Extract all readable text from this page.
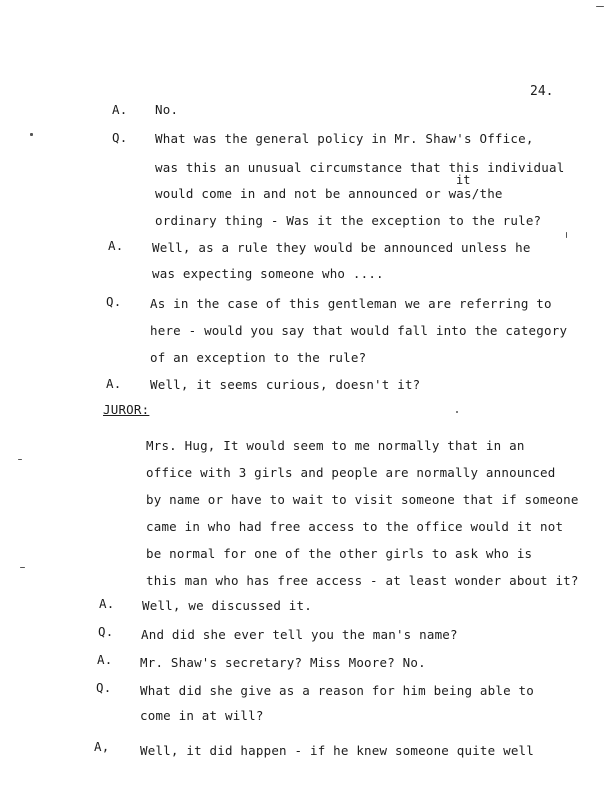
24.
A. No.
Q. What was the general policy in Mr. Shaw's Office,
was this an unusual circumstance that this individual
it
would come in and not be announced or was/the
ordinary thing - Was it the exception to the rule?
A. Well, as a rule they would be announced unless he
was expecting someone who ....
Q. As in the case of this gentleman we are referring to
here - would you say that would fall into the category
of an exception to the rule?
A. Well, it seems curious, doesn't it?
JUROR:
Mrs. Hug, It would seem to me normally that in an
office with 3 girls and people are normally announced
by name or have to wait to visit someone that if someone
came in who had free access to the office would it not
be normal for one of the other girls to ask who is
this man who has free access - at least wonder about it?
A. Well, we discussed it.
Q. And did she ever tell you the man's name?
A. Mr. Shaw's secretary? Miss Moore? No.
Q. What did she give as a reason for him being able to
come in at will?
A, Well, it did happen - if he knew someone quite well
